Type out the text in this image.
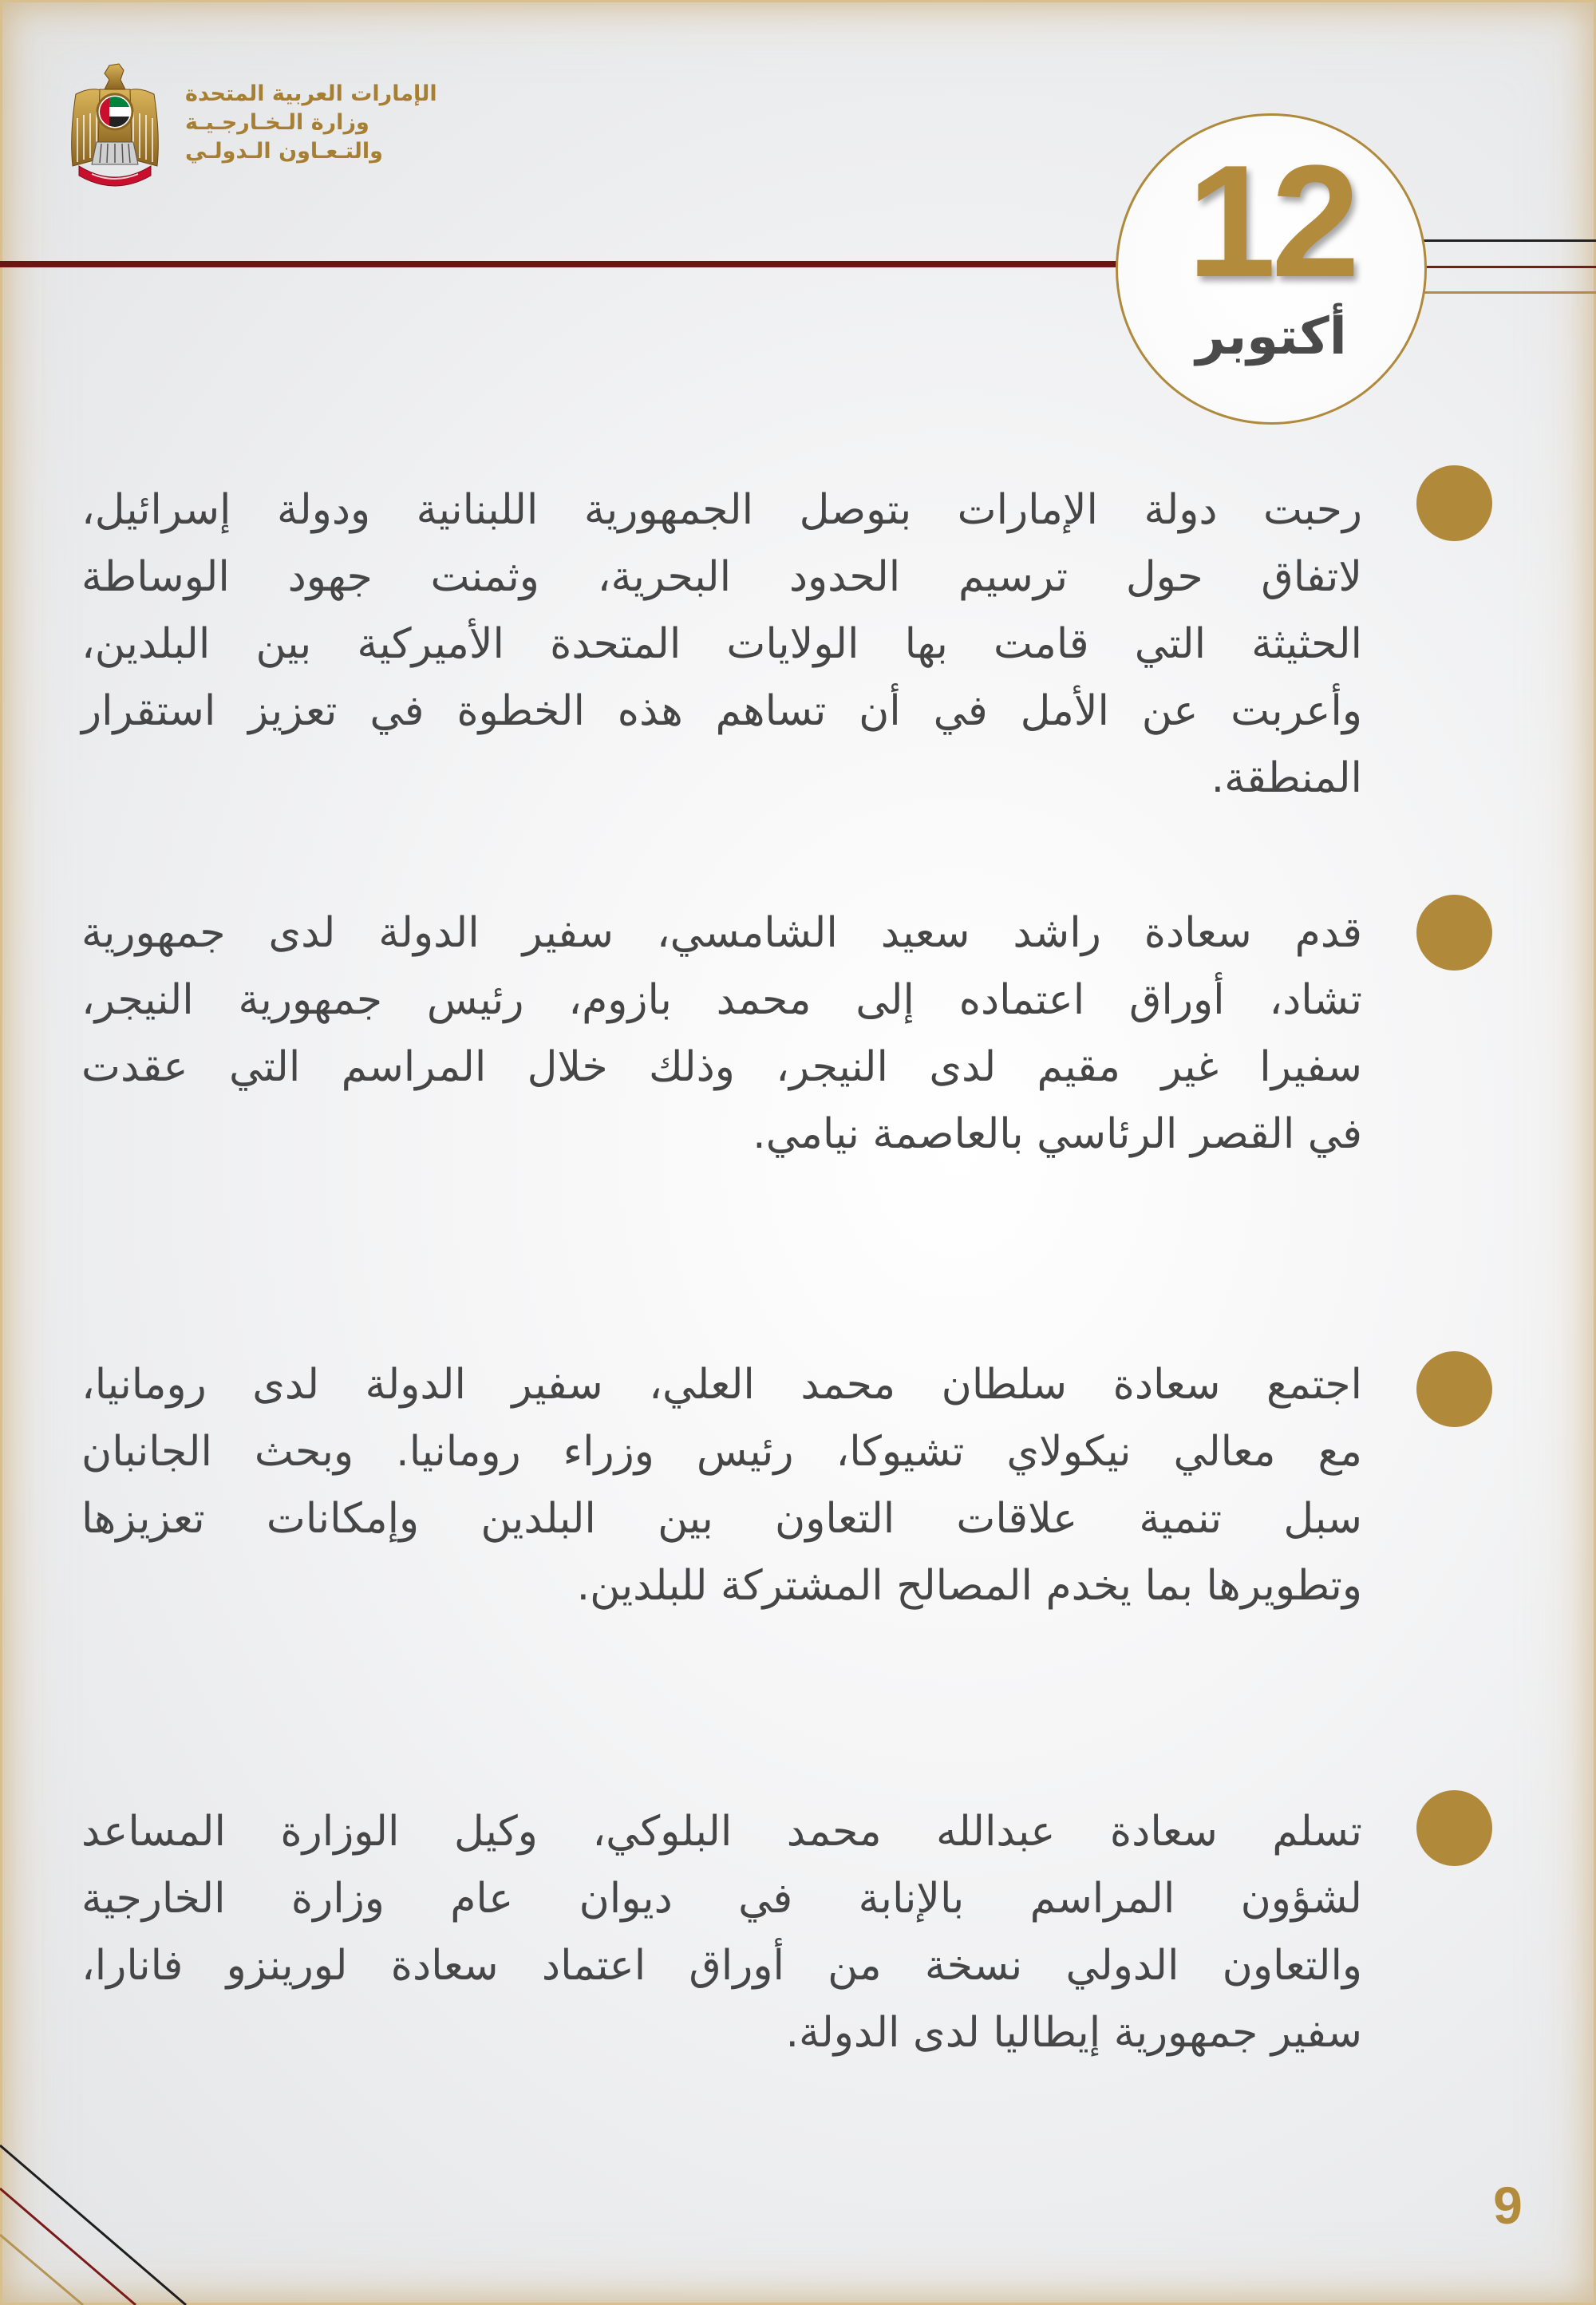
الإمارات العربية المتحدة
وزارة الـخـارجـيـة
والتـعـاون الـدولـي	12
أكتوبر
رحبت دولة الإمارات بتوصل الجمهورية اللبنانية ودولة إسرائيل،
لاتفاق حول ترسيم الحدود البحرية، وثمنت جهود الوساطة
الحثيثة التي قامت بها الولايات المتحدة الأميركية بين البلدين،
وأعربت عن الأمل في أن تساهم هذه الخطوة في تعزيز استقرار
المنطقة.
قدم سعادة راشد سعيد الشامسي، سفير الدولة لدى جمهورية
تشاد، أوراق اعتماده إلى محمد بازوم، رئيس جمهورية النيجر،
سفيرا غير مقيم لدى النيجر، وذلك خلال المراسم التي عقدت
في القصر الرئاسي بالعاصمة نيامي.
اجتمع سعادة سلطان محمد العلي، سفير الدولة لدى رومانيا،
مع معالي نيكولاي تشيوكا، رئيس وزراء رومانيا. وبحث الجانبان
سبل تنمية علاقات التعاون بين البلدين وإمكانات تعزيزها
وتطويرها بما يخدم المصالح المشتركة للبلدين.
تسلم سعادة عبدالله محمد البلوكي، وكيل الوزارة المساعد
لشؤون المراسم بالإنابة في ديوان عام وزارة الخارجية
والتعاون الدولي نسخة من أوراق اعتماد سعادة لورينزو فانارا،
سفير جمهورية إيطاليا لدى الدولة.
9
